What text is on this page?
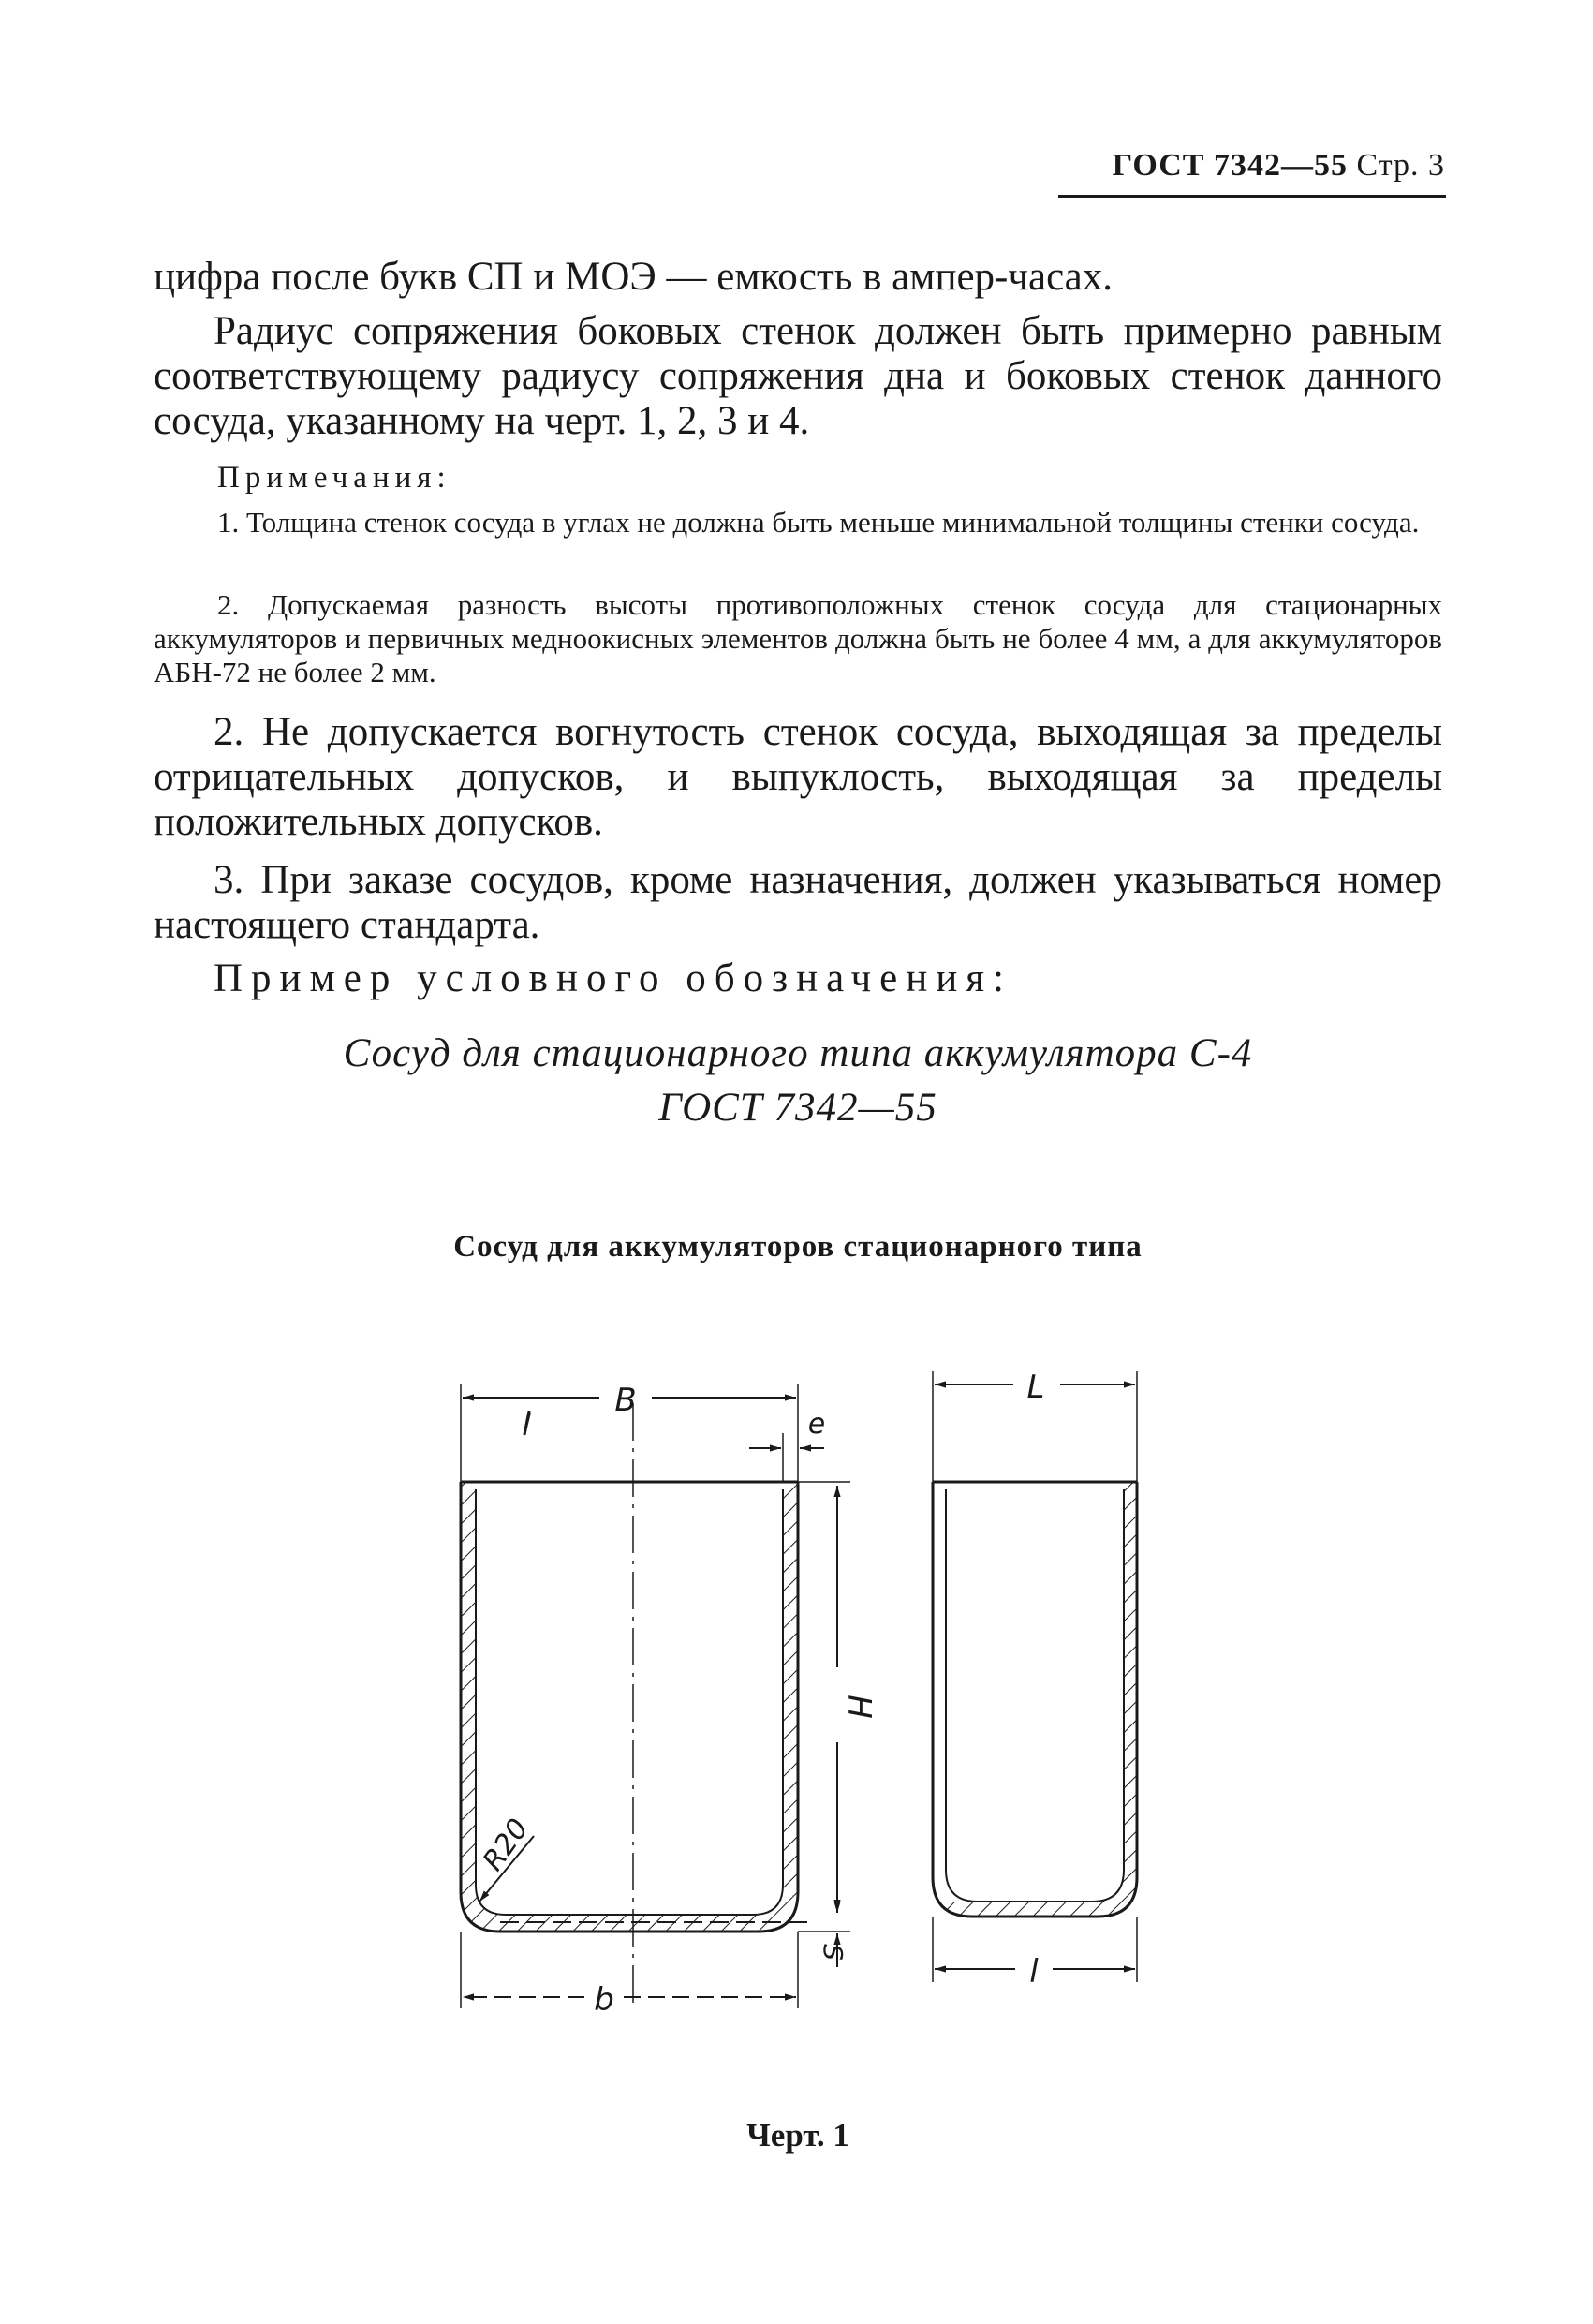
ГОСТ 7342—55 Стр. 3
цифра после букв СП и МОЭ — емкость в ампер-часах.
Радиус сопряжения боковых стенок должен быть примерно равным соответствующему радиусу сопряжения дна и боковых стенок данного сосуда, указанному на черт. 1, 2, 3 и 4.
Примечания:
1. Толщина стенок сосуда в углах не должна быть меньше минимальной толщины стенки сосуда.
2. Допускаемая разность высоты противоположных стенок сосуда для стационарных аккумуляторов и первичных медноокисных элементов должна быть не более 4 мм, а для аккумуляторов АБН-72 не более 2 мм.
2. Не допускается вогнутость стенок сосуда, выходящая за пределы отрицательных допусков, и выпуклость, выходящая за пределы положительных допусков.
3. При заказе сосудов, кроме назначения, должен указываться номер настоящего стандарта.
Пример условного обозначения:
Сосуд для стационарного типа аккумулятора С-4
ГОСТ 7342—55
Сосуд для аккумуляторов стационарного типа
B
e
H
S
R20
b
L
l
l
Черт. 1
